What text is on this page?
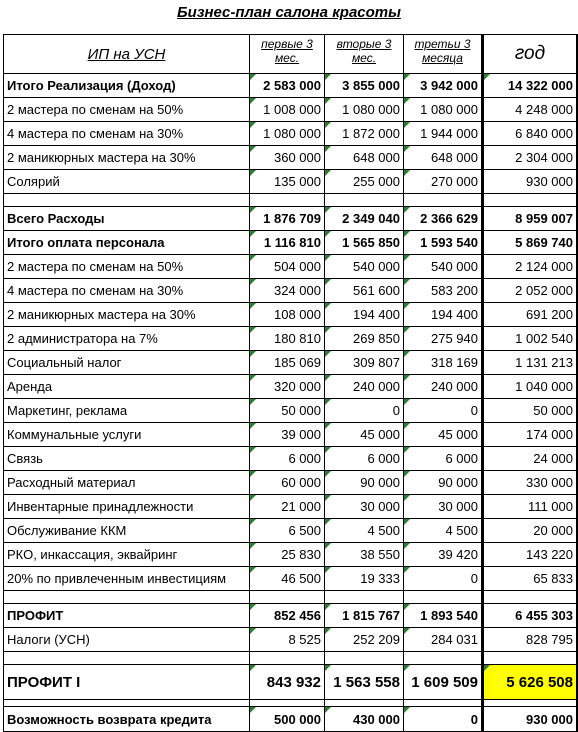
Бизнес-план салона красоты
ИП на УСН	первые 3 мес.	вторые 3 мес.	третьи 3 месяца	год
Итого Реализация (Доход)	2 583 000	3 855 000	3 942 000	14 322 000
2 мастера по сменам на 50%	1 008 000	1 080 000	1 080 000	4 248 000
4 мастера по сменам на 30%	1 080 000	1 872 000	1 944 000	6 840 000
2 маникюрных мастера на 30%	360 000	648 000	648 000	2 304 000
Солярий	135 000	255 000	270 000	930 000

Всего Расходы	1 876 709	2 349 040	2 366 629	8 959 007
Итого оплата персонала	1 116 810	1 565 850	1 593 540	5 869 740
2 мастера по сменам на 50%	504 000	540 000	540 000	2 124 000
4 мастера по сменам на 30%	324 000	561 600	583 200	2 052 000
2 маникюрных мастера на 30%	108 000	194 400	194 400	691 200
2 администратора на 7%	180 810	269 850	275 940	1 002 540
Социальный налог	185 069	309 807	318 169	1 131 213
Аренда	320 000	240 000	240 000	1 040 000
Маркетинг, реклама	50 000	0	0	50 000
Коммунальные услуги	39 000	45 000	45 000	174 000
Связь	6 000	6 000	6 000	24 000
Расходный материал	60 000	90 000	90 000	330 000
Инвентарные принадлежности	21 000	30 000	30 000	111 000
Обслуживание ККМ	6 500	4 500	4 500	20 000
РКО, инкассация, эквайринг	25 830	38 550	39 420	143 220
20% по привлеченным инвестициям	46 500	19 333	0	65 833

ПРОФИТ	852 456	1 815 767	1 893 540	6 455 303
Налоги (УСН)	8 525	252 209	284 031	828 795

ПРОФИТ I	843 932	1 563 558	1 609 509	5 626 508

Возможность возврата кредита	500 000	430 000	0	930 000
